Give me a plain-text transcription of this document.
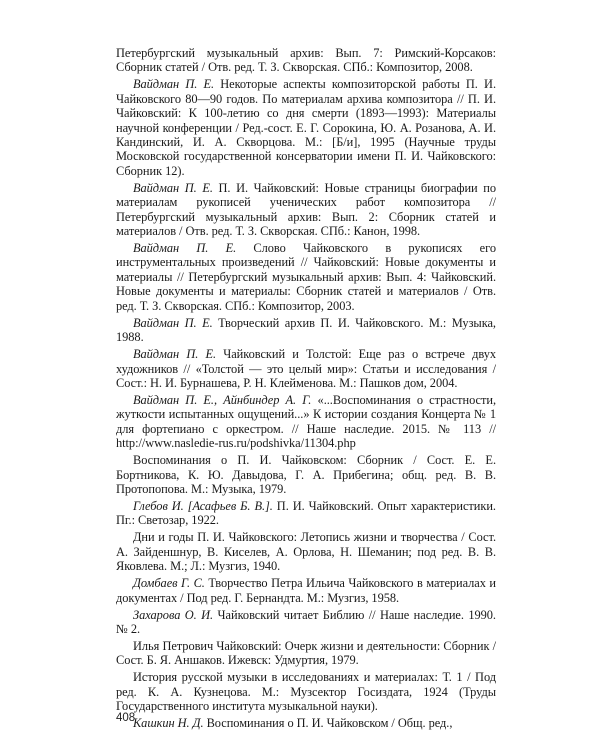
Петербургский музыкальный архив: Вып. 7: Римский-Корсаков: Сборник статей / Отв. ред. Т. З. Скворская. СПб.: Композитор, 2008.

Вайдман П. Е. Некоторые аспекты композиторской работы П. И. Чайковского 80—90 годов. По материалам архива композитора // П. И. Чайковский: К 100-летию со дня смерти (1893—1993): Материалы научной конференции / Ред.-сост. Е. Г. Сорокина, Ю. А. Розанова, А. И. Кандинский, И. А. Скворцова. М.: [Б/и], 1995 (Научные труды Московской государственной консерватории имени П. И. Чайковского: Сборник 12).

Вайдман П. Е. П. И. Чайковский: Новые страницы биографии по материалам рукописей ученических работ композитора // Петербургский музыкальный архив: Вып. 2: Сборник статей и материалов / Отв. ред. Т. З. Скворская. СПб.: Канон, 1998.

Вайдман П. Е. Слово Чайковского в рукописях его инструментальных произведений // Чайковский: Новые документы и материалы // Петербургский музыкальный архив: Вып. 4: Чайковский. Новые документы и материалы: Сборник статей и материалов / Отв. ред. Т. З. Скворская. СПб.: Композитор, 2003.

Вайдман П. Е. Творческий архив П. И. Чайковского. М.: Музыка, 1988.

Вайдман П. Е. Чайковский и Толстой: Еще раз о встрече двух художников // «Толстой — это целый мир»: Статьи и исследования / Сост.: Н. И. Бурнашева, Р. Н. Клейменова. М.: Пашков дом, 2004.

Вайдман П. Е., Айнбиндер А. Г. «...Воспоминания о страстности, жуткости испытанных ощущений...» К истории создания Концерта № 1 для фортепиано с оркестром. // Наше наследие. 2015. № 113 // http://www.nasledie-rus.ru/podshivka/11304.php

Воспоминания о П. И. Чайковском: Сборник / Сост. Е. Е. Бортникова, К. Ю. Давыдова, Г. А. Прибегина; общ. ред. В. В. Протопопова. М.: Музыка, 1979.

Глебов И. [Асафьев Б. В.]. П. И. Чайковский. Опыт характеристики. Пг.: Светозар, 1922.

Дни и годы П. И. Чайковского: Летопись жизни и творчества / Сост. А. Зайденшнур, В. Киселев, А. Орлова, Н. Шеманин; под ред. В. В. Яковлева. М.; Л.: Музгиз, 1940.

Домбаев Г. С. Творчество Петра Ильича Чайковского в материалах и документах / Под ред. Г. Бернандта. М.: Музгиз, 1958.

Захарова О. И. Чайковский читает Библию // Наше наследие. 1990. № 2.

Илья Петрович Чайковский: Очерк жизни и деятельности: Сборник / Сост. Б. Я. Аншаков. Ижевск: Удмуртия, 1979.

История русской музыки в исследованиях и материалах: Т. 1 / Под ред. К. А. Кузнецова. М.: Музсектор Госиздата, 1924 (Труды Государственного института музыкальной науки).

Кашкин Н. Д. Воспоминания о П. И. Чайковском / Общ. ред.,

408
